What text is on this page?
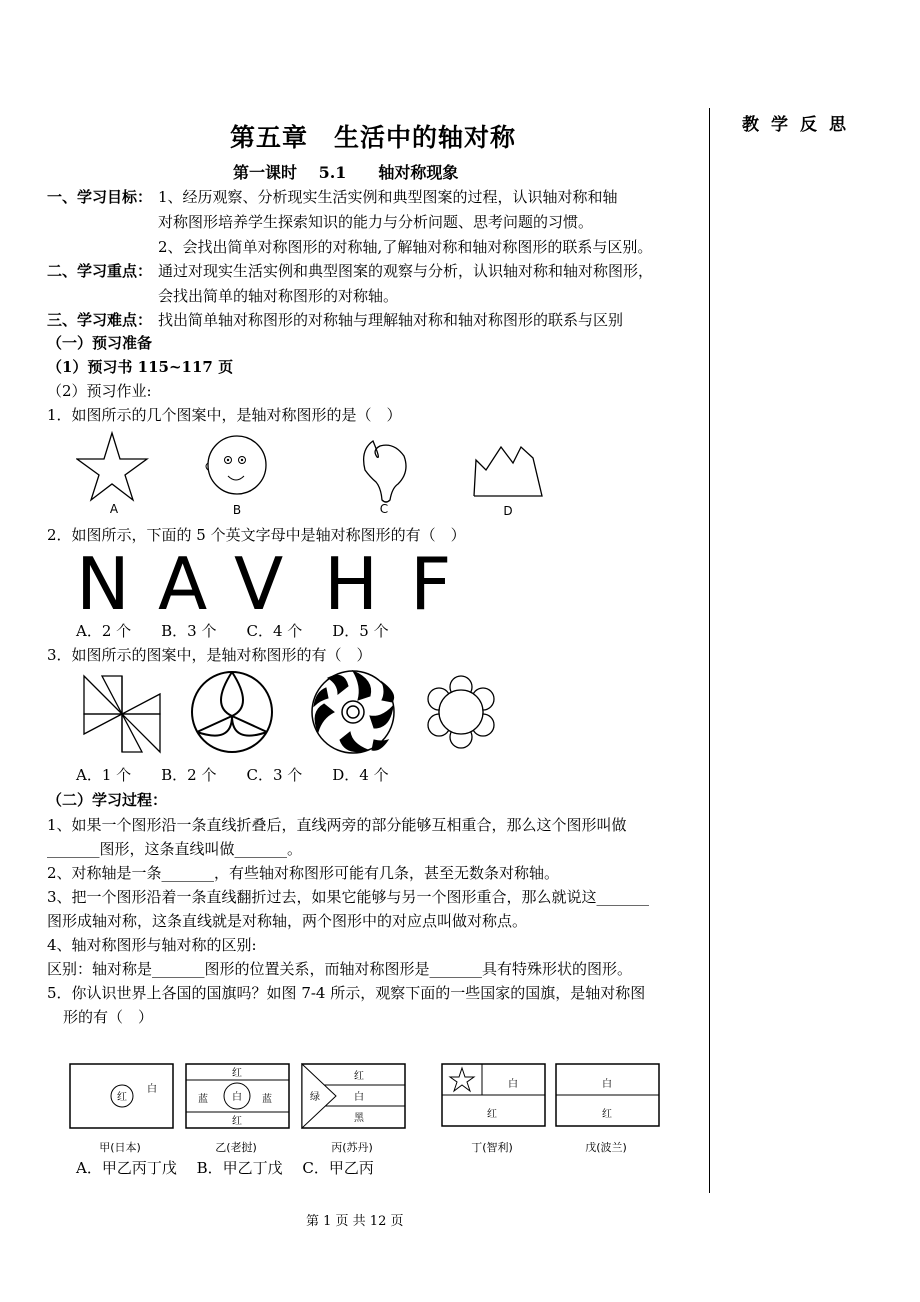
教学反思
第五章　生活中的轴对称
第一课时　 5.1　　轴对称现象
一、学习目标： 1、经历观察、分析现实生活实例和典型图案的过程，认识轴对称和轴
对称图形培养学生探索知识的能力与分析问题、思考问题的习惯。
2、会找出简单对称图形的对称轴,了解轴对称和轴对称图形的联系与区别。
二、学习重点： 通过对现实生活实例和典型图案的观察与分析，认识轴对称和轴对称图形，
会找出简单的轴对称图形的对称轴。
三、学习难点： 找出简单轴对称图形的对称轴与理解轴对称和轴对称图形的联系与区别
（一）预习准备
（1）预习书 115~117 页
（2）预习作业:
1．如图所示的几个图案中，是轴对称图形的是（　）
A	B	C	D
2．如图所示，下面的 5 个英文字母中是轴对称图形的有（　）
N A V H F
A．2 个　　B．3 个　　C．4 个　　D．5 个
3．如图所示的图案中，是轴对称图形的有（　）
A．1 个　　B．2 个　　C．3 个　　D．4 个
（二）学习过程：
1、如果一个图形沿一条直线折叠后，直线两旁的部分能够互相重合，那么这个图形叫做
_______图形，这条直线叫做_______。
2、对称轴是一条_______，有些轴对称图形可能有几条，甚至无数条对称轴。
3、把一个图形沿着一条直线翻折过去，如果它能够与另一个图形重合，那么就说这_______
图形成轴对称，这条直线就是对称轴，两个图形中的对应点叫做对称点。
4、轴对称图形与轴对称的区别:
区别：轴对称是_______图形的位置关系，而轴对称图形是_______具有特殊形状的图形。
5．你认识世界上各国的国旗吗？如图 7-4 所示，观察下面的一些国家的国旗，是轴对称图
形的有（　）
红
白
红
蓝 白 蓝
红
绿
红
白
黑
白
红
白
红
甲(日本)	乙(老挝)	丙(苏丹)	丁(智利)	戊(波兰)
A．甲乙丙丁戊　 B．甲乙丁戊　 C．甲乙丙
第 1 页 共 12 页
